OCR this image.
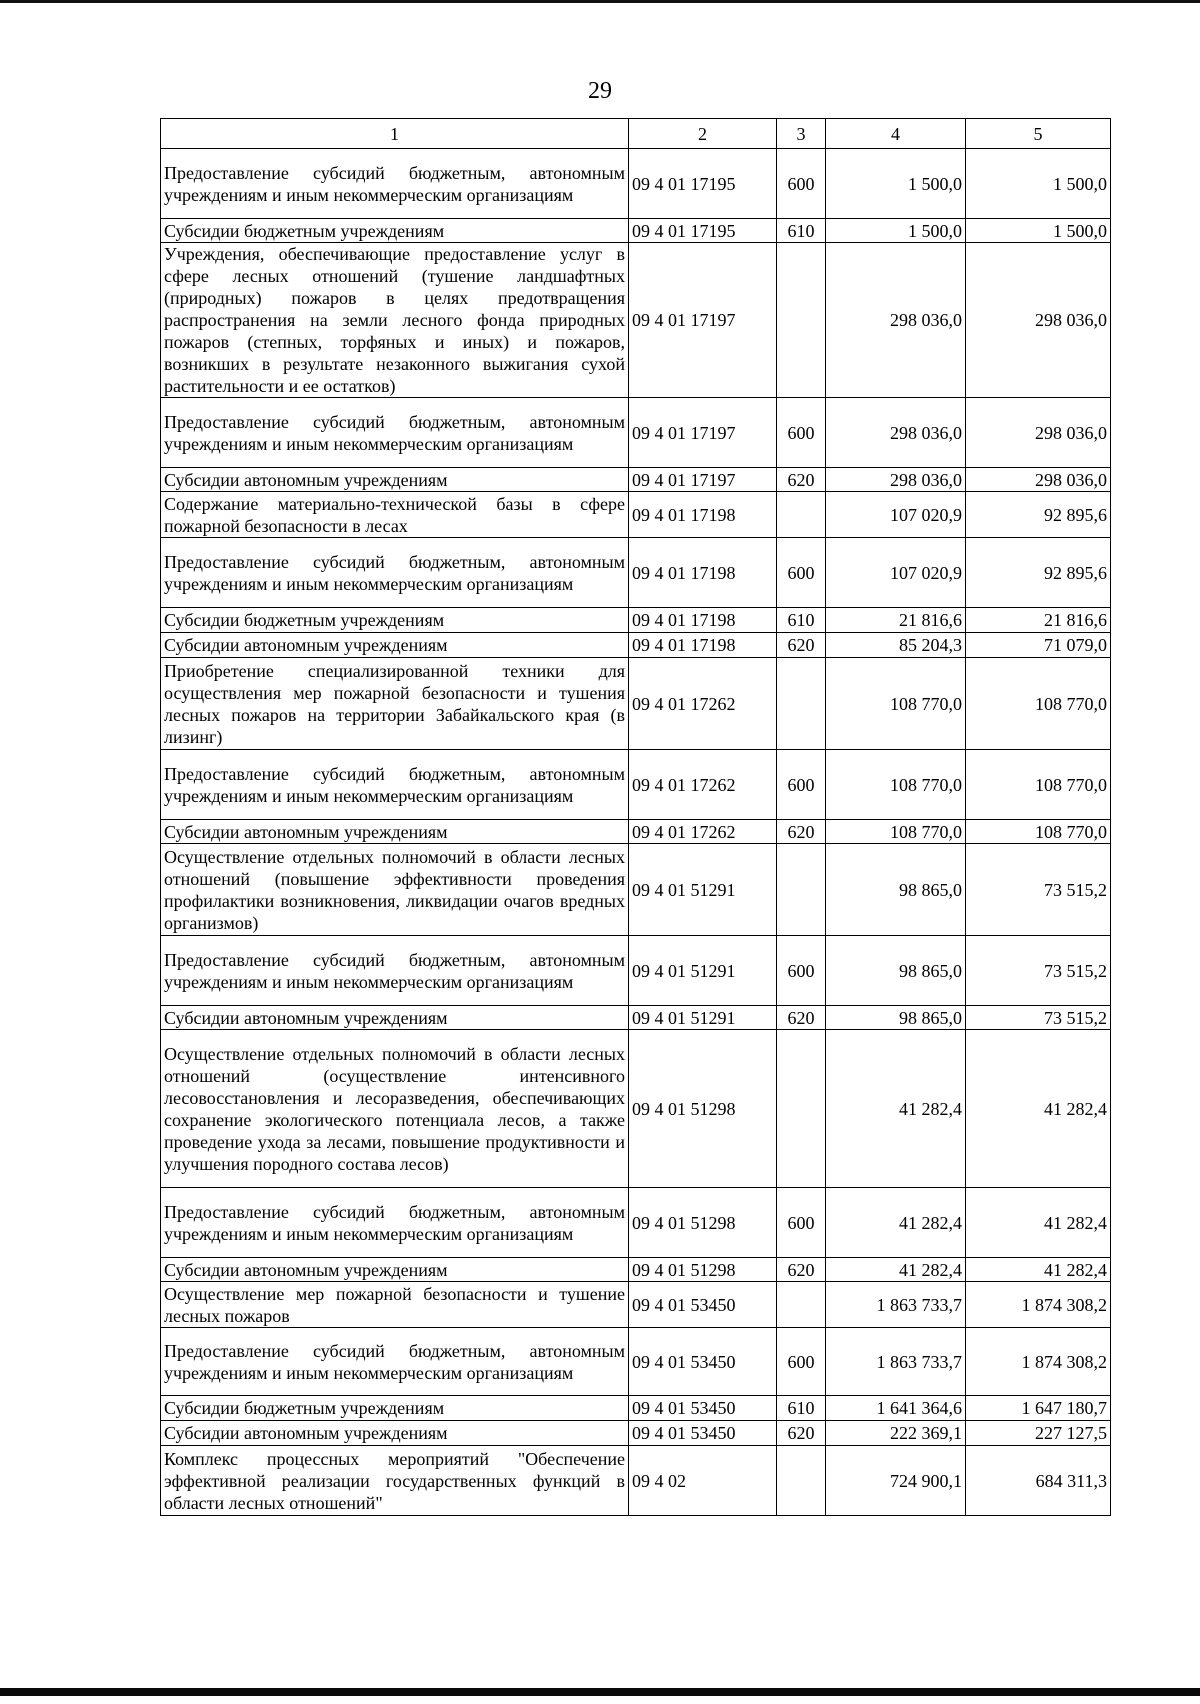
29
1	2	3	4	5
Предоставление субсидий бюджетным, автономным учреждениям и иным некоммерческим организациям	09 4 01 17195	600	1 500,0	1 500,0
Субсидии бюджетным учреждениям	09 4 01 17195	610	1 500,0	1 500,0
Учреждения, обеспечивающие предоставление услуг в сфере лесных отношений (тушение ландшафтных (природных) пожаров в целях предотвращения распространения на земли лесного фонда природных пожаров (степных, торфяных и иных) и пожаров, возникших в результате незаконного выжигания сухой растительности и ее остатков)	09 4 01 17197		298 036,0	298 036,0
Предоставление субсидий бюджетным, автономным учреждениям и иным некоммерческим организациям	09 4 01 17197	600	298 036,0	298 036,0
Субсидии автономным учреждениям	09 4 01 17197	620	298 036,0	298 036,0
Содержание материально-технической базы в сфере пожарной безопасности в лесах	09 4 01 17198		107 020,9	92 895,6
Предоставление субсидий бюджетным, автономным учреждениям и иным некоммерческим организациям	09 4 01 17198	600	107 020,9	92 895,6
Субсидии бюджетным учреждениям	09 4 01 17198	610	21 816,6	21 816,6
Субсидии автономным учреждениям	09 4 01 17198	620	85 204,3	71 079,0
Приобретение специализированной техники для осуществления мер пожарной безопасности и тушения лесных пожаров на территории Забайкальского края (в лизинг)	09 4 01 17262		108 770,0	108 770,0
Предоставление субсидий бюджетным, автономным учреждениям и иным некоммерческим организациям	09 4 01 17262	600	108 770,0	108 770,0
Субсидии автономным учреждениям	09 4 01 17262	620	108 770,0	108 770,0
Осуществление отдельных полномочий в области лесных отношений (повышение эффективности проведения профилактики возникновения, ликвидации очагов вредных организмов)	09 4 01 51291		98 865,0	73 515,2
Предоставление субсидий бюджетным, автономным учреждениям и иным некоммерческим организациям	09 4 01 51291	600	98 865,0	73 515,2
Субсидии автономным учреждениям	09 4 01 51291	620	98 865,0	73 515,2
Осуществление отдельных полномочий в области лесных отношений (осуществление интенсивного лесовосстановления и лесоразведения, обеспечивающих сохранение экологического потенциала лесов, а также проведение ухода за лесами, повышение продуктивности и улучшения породного состава лесов)	09 4 01 51298		41 282,4	41 282,4
Предоставление субсидий бюджетным, автономным учреждениям и иным некоммерческим организациям	09 4 01 51298	600	41 282,4	41 282,4
Субсидии автономным учреждениям	09 4 01 51298	620	41 282,4	41 282,4
Осуществление мер пожарной безопасности и тушение лесных пожаров	09 4 01 53450		1 863 733,7	1 874 308,2
Предоставление субсидий бюджетным, автономным учреждениям и иным некоммерческим организациям	09 4 01 53450	600	1 863 733,7	1 874 308,2
Субсидии бюджетным учреждениям	09 4 01 53450	610	1 641 364,6	1 647 180,7
Субсидии автономным учреждениям	09 4 01 53450	620	222 369,1	227 127,5
Комплекс процессных мероприятий "Обеспечение эффективной реализации государственных функций в области лесных отношений"	09 4 02		724 900,1	684 311,3
